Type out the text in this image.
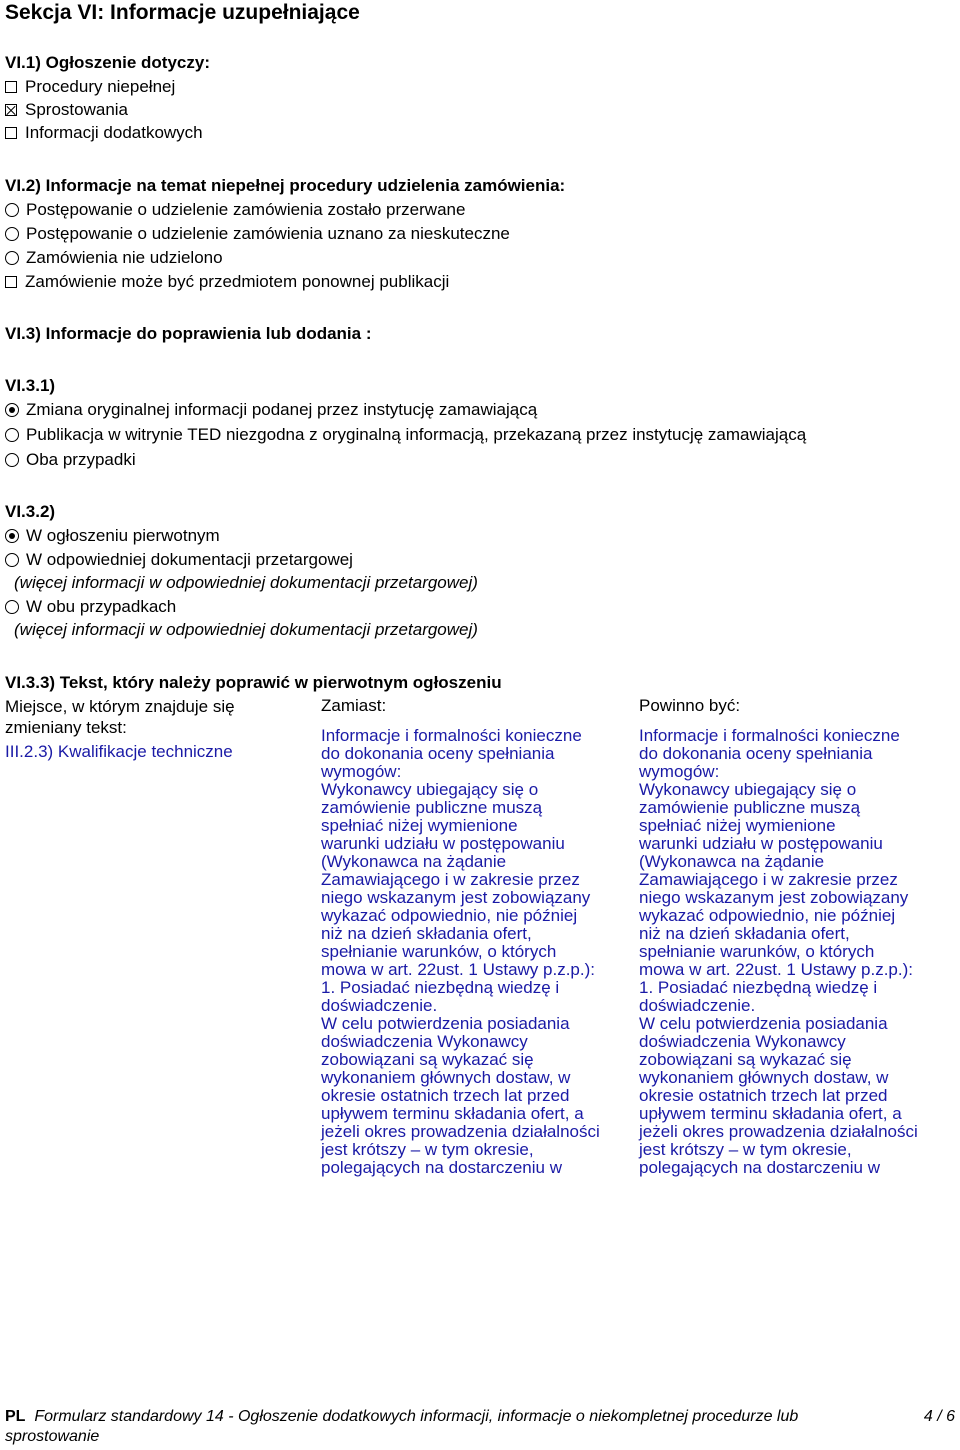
Sekcja VI: Informacje uzupełniające
VI.1) Ogłoszenie dotyczy:
Procedury niepełnej
Sprostowania
Informacji dodatkowych
VI.2) Informacje na temat niepełnej procedury udzielenia zamówienia:
Postępowanie o udzielenie zamówienia zostało przerwane
Postępowanie o udzielenie zamówienia uznano za nieskuteczne
Zamówienia nie udzielono
Zamówienie może być przedmiotem ponownej publikacji
VI.3) Informacje do poprawienia lub dodania :
VI.3.1)
Zmiana oryginalnej informacji podanej przez instytucję zamawiającą
Publikacja w witrynie TED niezgodna z oryginalną informacją, przekazaną przez instytucję zamawiającą
Oba przypadki
VI.3.2)
W ogłoszeniu pierwotnym
W odpowiedniej dokumentacji przetargowej
(więcej informacji w odpowiedniej dokumentacji przetargowej)
W obu przypadkach
(więcej informacji w odpowiedniej dokumentacji przetargowej)
VI.3.3) Tekst, który należy poprawić w pierwotnym ogłoszeniu
Miejsce, w którym znajduje się zmieniany tekst:
III.2.3) Kwalifikacje techniczne
Zamiast:
Informacje i formalności konieczne
do dokonania oceny spełniania
wymogów:
Wykonawcy ubiegający się o
zamówienie publiczne muszą
spełniać niżej wymienione
warunki udziału w postępowaniu
(Wykonawca na żądanie
Zamawiającego i w zakresie przez
niego wskazanym jest zobowiązany
wykazać odpowiednio, nie później
niż na dzień składania ofert,
spełnianie warunków, o których
mowa w art. 22ust. 1 Ustawy p.z.p.):
1. Posiadać niezbędną wiedzę i
doświadczenie.
W celu potwierdzenia posiadania
doświadczenia Wykonawcy
zobowiązani są wykazać się
wykonaniem głównych dostaw, w
okresie ostatnich trzech lat przed
upływem terminu składania ofert, a
jeżeli okres prowadzenia działalności
jest krótszy – w tym okresie,
polegających na dostarczeniu w
Powinno być:
Informacje i formalności konieczne
do dokonania oceny spełniania
wymogów:
Wykonawcy ubiegający się o
zamówienie publiczne muszą
spełniać niżej wymienione
warunki udziału w postępowaniu
(Wykonawca na żądanie
Zamawiającego i w zakresie przez
niego wskazanym jest zobowiązany
wykazać odpowiednio, nie później
niż na dzień składania ofert,
spełnianie warunków, o których
mowa w art. 22ust. 1 Ustawy p.z.p.):
1. Posiadać niezbędną wiedzę i
doświadczenie.
W celu potwierdzenia posiadania
doświadczenia Wykonawcy
zobowiązani są wykazać się
wykonaniem głównych dostaw, w
okresie ostatnich trzech lat przed
upływem terminu składania ofert, a
jeżeli okres prowadzenia działalności
jest krótszy – w tym okresie,
polegających na dostarczeniu w
PL Formularz standardowy 14 - Ogłoszenie dodatkowych informacji, informacje o niekompletnej procedurze lub
sprostowanie
4 / 6
